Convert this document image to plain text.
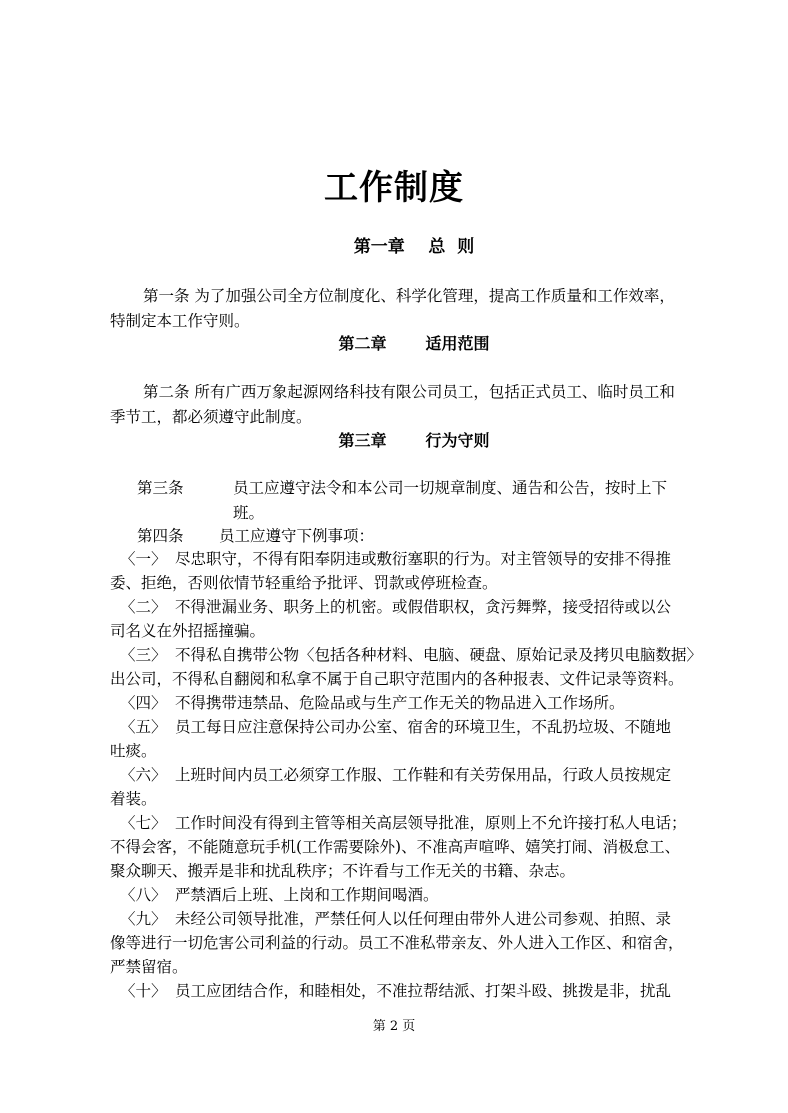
工作制度
第一章    总  则
第一条 为了加强公司全方位制度化、科学化管理，提高工作质量和工作效率，
特制定本工作守则。
第二章       适用范围
第二条 所有广西万象起源网络科技有限公司员工，包括正式员工、临时员工和
季节工，都必须遵守此制度。
第三章       行为守则
第三条	员工应遵守法令和本公司一切规章制度、通告和公告，按时上下
班。
第四条 员工应遵守下例事项：
〈一〉 尽忠职守，不得有阳奉阴违或敷衍塞职的行为。对主管领导的安排不得推
委、拒绝，否则依情节轻重给予批评、罚款或停班检查。
〈二〉 不得泄漏业务、职务上的机密。或假借职权，贪污舞弊，接受招待或以公
司名义在外招摇撞骗。
〈三〉 不得私自携带公物〈包括各种材料、电脑、硬盘、原始记录及拷贝电脑数据〉
出公司，不得私自翻阅和私拿不属于自己职守范围内的各种报表、文件记录等资料。
〈四〉 不得携带违禁品、危险品或与生产工作无关的物品进入工作场所。
〈五〉 员工每日应注意保持公司办公室、宿舍的环境卫生，不乱扔垃圾、不随地
吐痰。
〈六〉 上班时间内员工必须穿工作服、工作鞋和有关劳保用品，行政人员按规定
着装。
〈七〉 工作时间没有得到主管等相关高层领导批准，原则上不允许接打私人电话；
不得会客，不能随意玩手机(工作需要除外)、不准高声喧哗、嬉笑打闹、消极怠工、
聚众聊天、搬弄是非和扰乱秩序；不许看与工作无关的书籍、杂志。
〈八〉 严禁酒后上班、上岗和工作期间喝酒。
〈九〉 未经公司领导批准，严禁任何人以任何理由带外人进公司参观、拍照、录
像等进行一切危害公司利益的行动。员工不准私带亲友、外人进入工作区、和宿舍，
严禁留宿。
〈十〉 员工应团结合作，和睦相处，不准拉帮结派、打架斗殴、挑拨是非，扰乱
第 2 页
